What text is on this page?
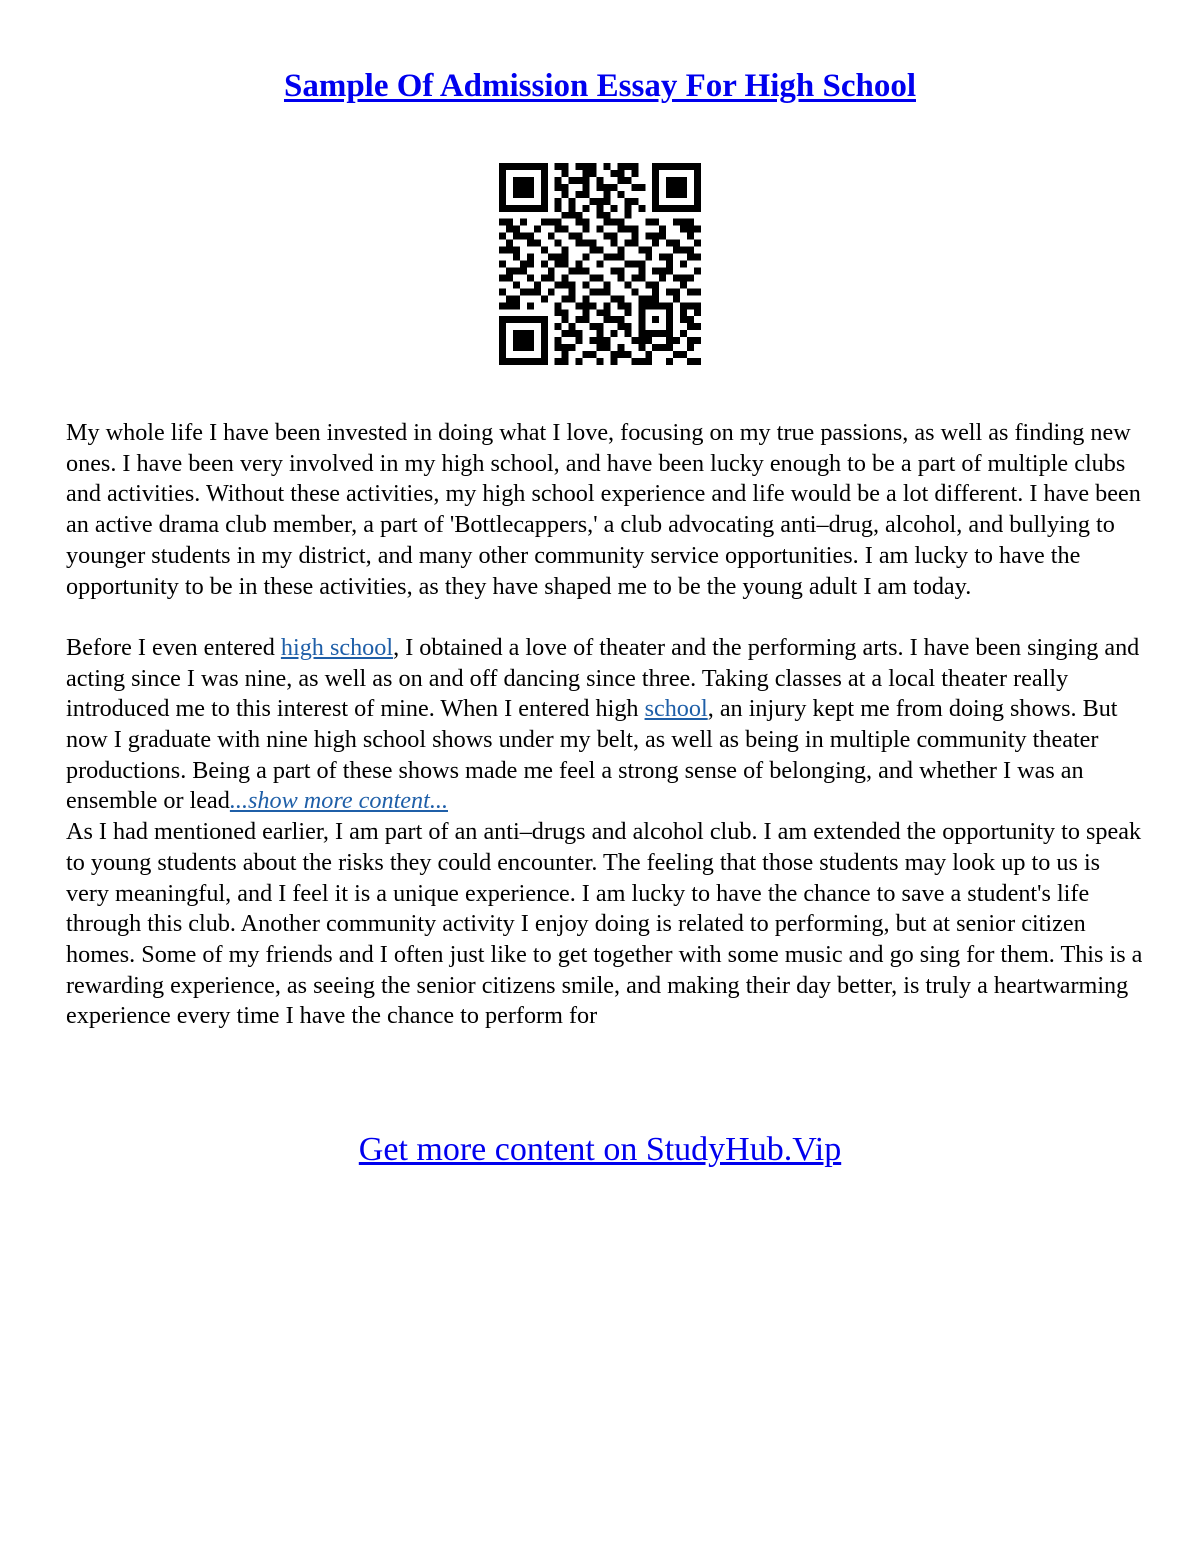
Sample Of Admission Essay For High School

My whole life I have been invested in doing what I love, focusing on my true passions, as well as finding new ones. I have been very involved in my high school, and have been lucky enough to be a part of multiple clubs and activities. Without these activities, my high school experience and life would be a lot different. I have been an active drama club member, a part of 'Bottlecappers,' a club advocating anti–drug, alcohol, and bullying to younger students in my district, and many other community service opportunities. I am lucky to have the opportunity to be in these activities, as they have shaped me to be the young adult I am today.

Before I even entered high school, I obtained a love of theater and the performing arts. I have been singing and acting since I was nine, as well as on and off dancing since three. Taking classes at a local theater really introduced me to this interest of mine. When I entered high school, an injury kept me from doing shows. But now I graduate with nine high school shows under my belt, as well as being in multiple community theater productions. Being a part of these shows made me feel a strong sense of belonging, and whether I was an ensemble or lead...show more content...

As I had mentioned earlier, I am part of an anti–drugs and alcohol club. I am extended the opportunity to speak to young students about the risks they could encounter. The feeling that those students may look up to us is very meaningful, and I feel it is a unique experience. I am lucky to have the chance to save a student's life through this club. Another community activity I enjoy doing is related to performing, but at senior citizen homes. Some of my friends and I often just like to get together with some music and go sing for them. This is a rewarding experience, as seeing the senior citizens smile, and making their day better, is truly a heartwarming experience every time I have the chance to perform for

Get more content on StudyHub.Vip
